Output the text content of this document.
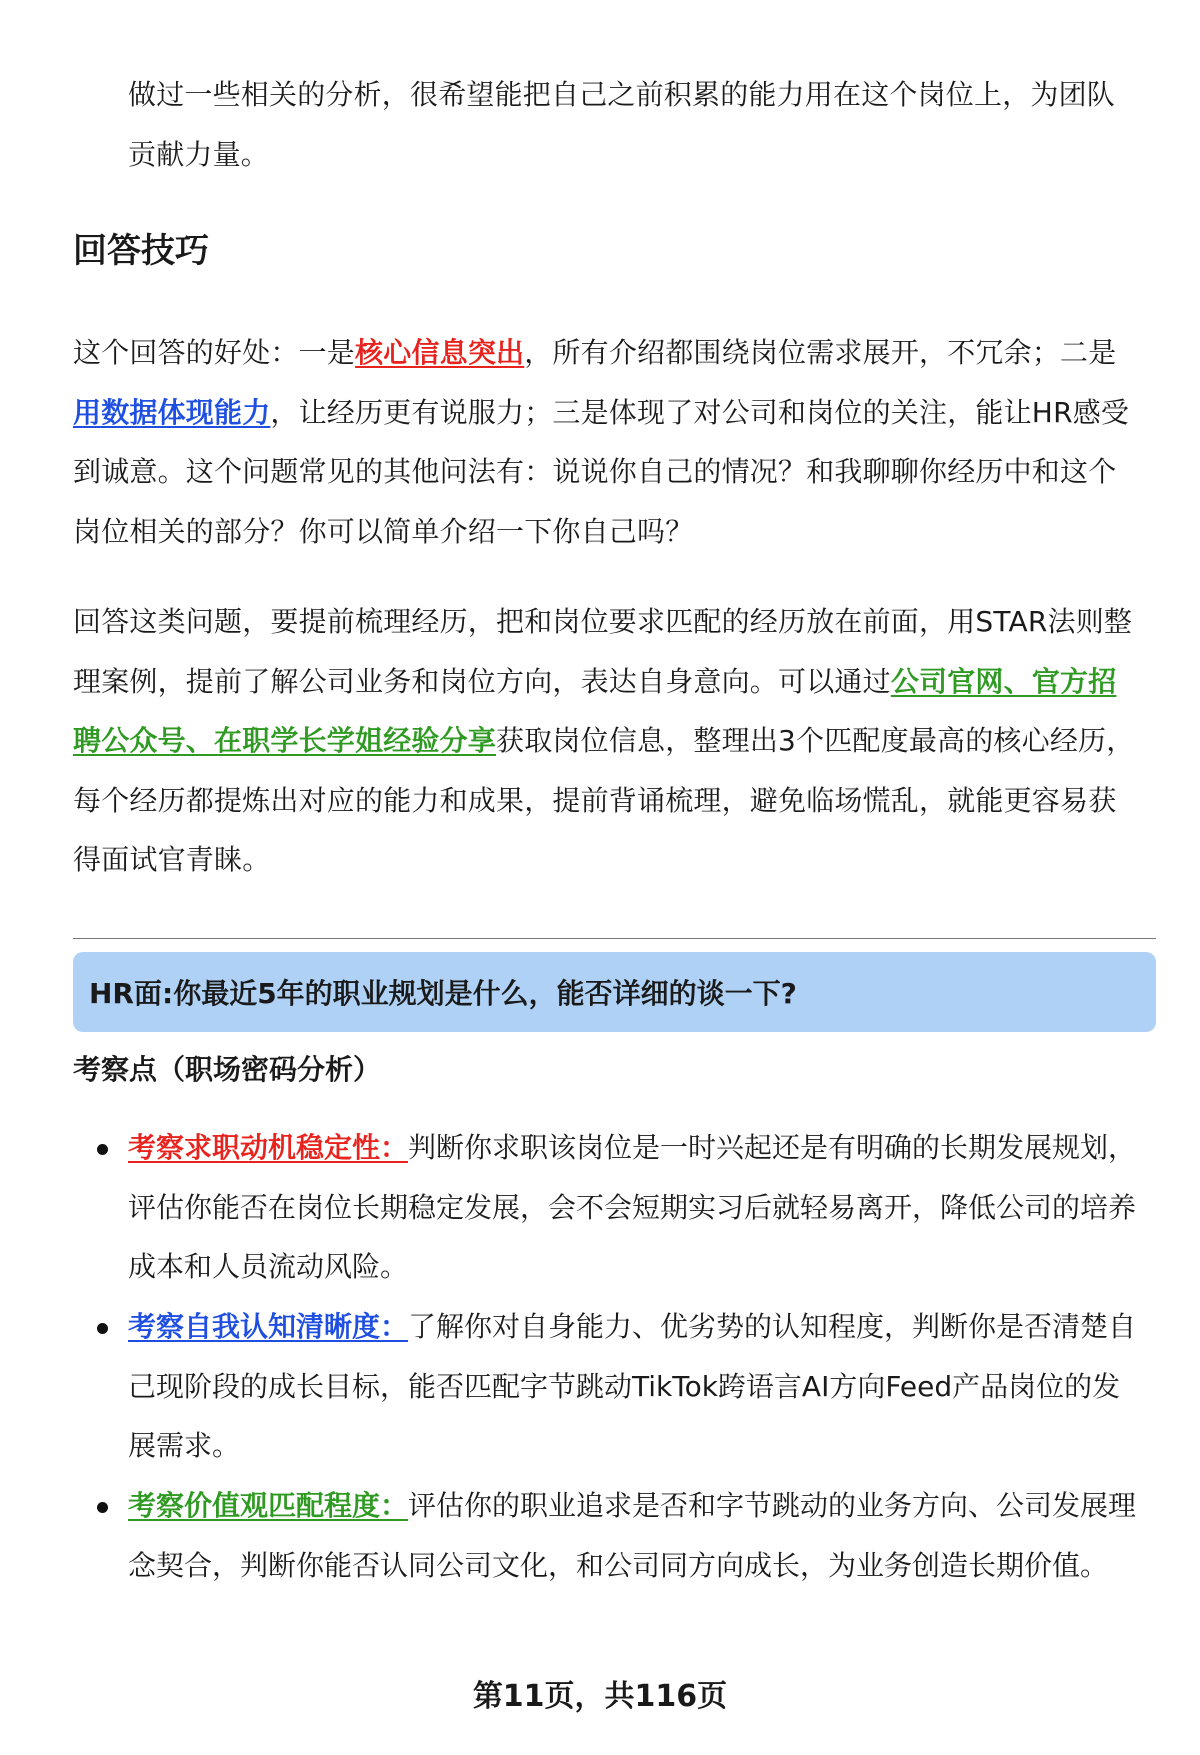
做过一些相关的分析，很希望能把自己之前积累的能力用在这个岗位上，为团队贡献力量。

回答技巧

这个回答的好处：一是核心信息突出，所有介绍都围绕岗位需求展开，不冗余；二是用数据体现能力，让经历更有说服力；三是体现了对公司和岗位的关注，能让HR感受到诚意。这个问题常见的其他问法有：说说你自己的情况？和我聊聊你经历中和这个岗位相关的部分？你可以简单介绍一下你自己吗？

回答这类问题，要提前梳理经历，把和岗位要求匹配的经历放在前面，用STAR法则整理案例，提前了解公司业务和岗位方向，表达自身意向。可以通过公司官网、官方招聘公众号、在职学长学姐经验分享获取岗位信息，整理出3个匹配度最高的核心经历，每个经历都提炼出对应的能力和成果，提前背诵梳理，避免临场慌乱，就能更容易获得面试官青睐。

HR面:你最近5年的职业规划是什么，能否详细的谈一下?
考察点（职场密码分析）

考察求职动机稳定性：判断你求职该岗位是一时兴起还是有明确的长期发展规划，评估你能否在岗位长期稳定发展，会不会短期实习后就轻易离开，降低公司的培养成本和人员流动风险。

考察自我认知清晰度：了解你对自身能力、优劣势的认知程度，判断你是否清楚自己现阶段的成长目标，能否匹配字节跳动TikTok跨语言AI方向Feed产品岗位的发展需求。

考察价值观匹配程度：评估你的职业追求是否和字节跳动的业务方向、公司发展理念契合，判断你能否认同公司文化，和公司同方向成长，为业务创造长期价值。

第11页，共116页
